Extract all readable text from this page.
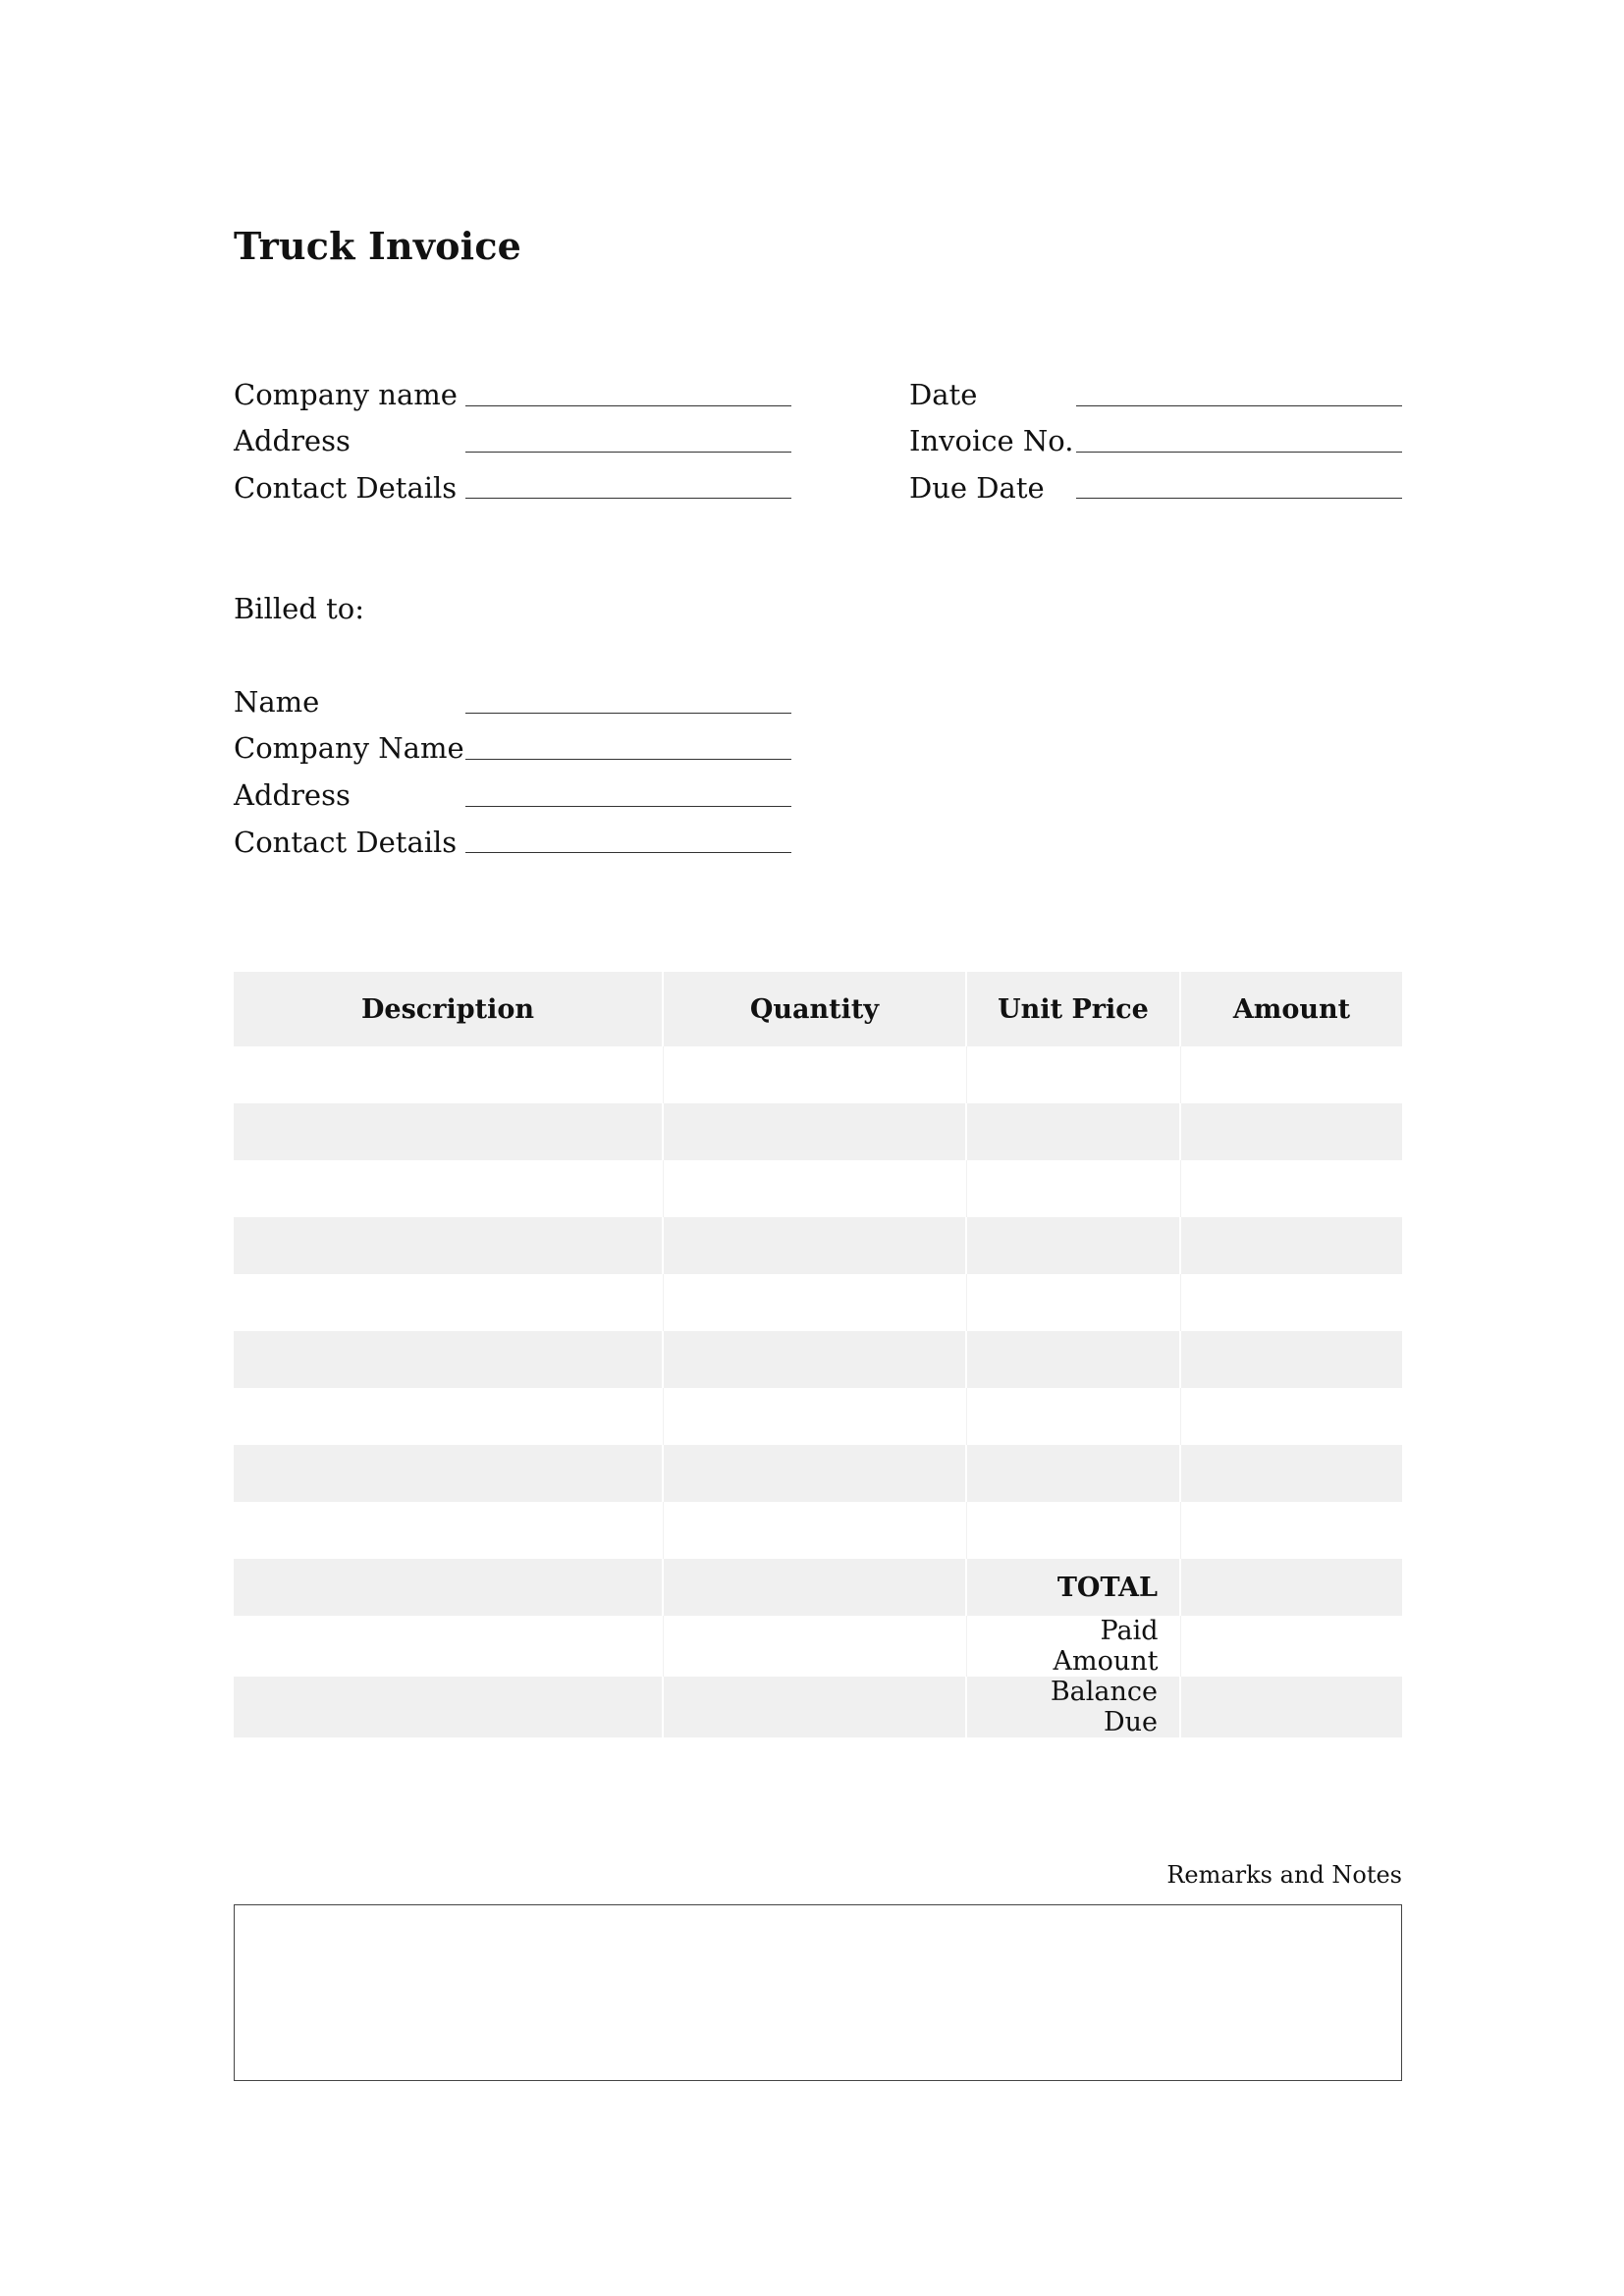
Truck Invoice
Company name
Address
Contact Details
Date
Invoice No.
Due Date
Billed to:
Name
Company Name
Address
Contact Details
Description	Quantity	Unit Price	Amount

		TOTAL	
		Paid Amount	
		Balance Due	
Remarks and Notes
